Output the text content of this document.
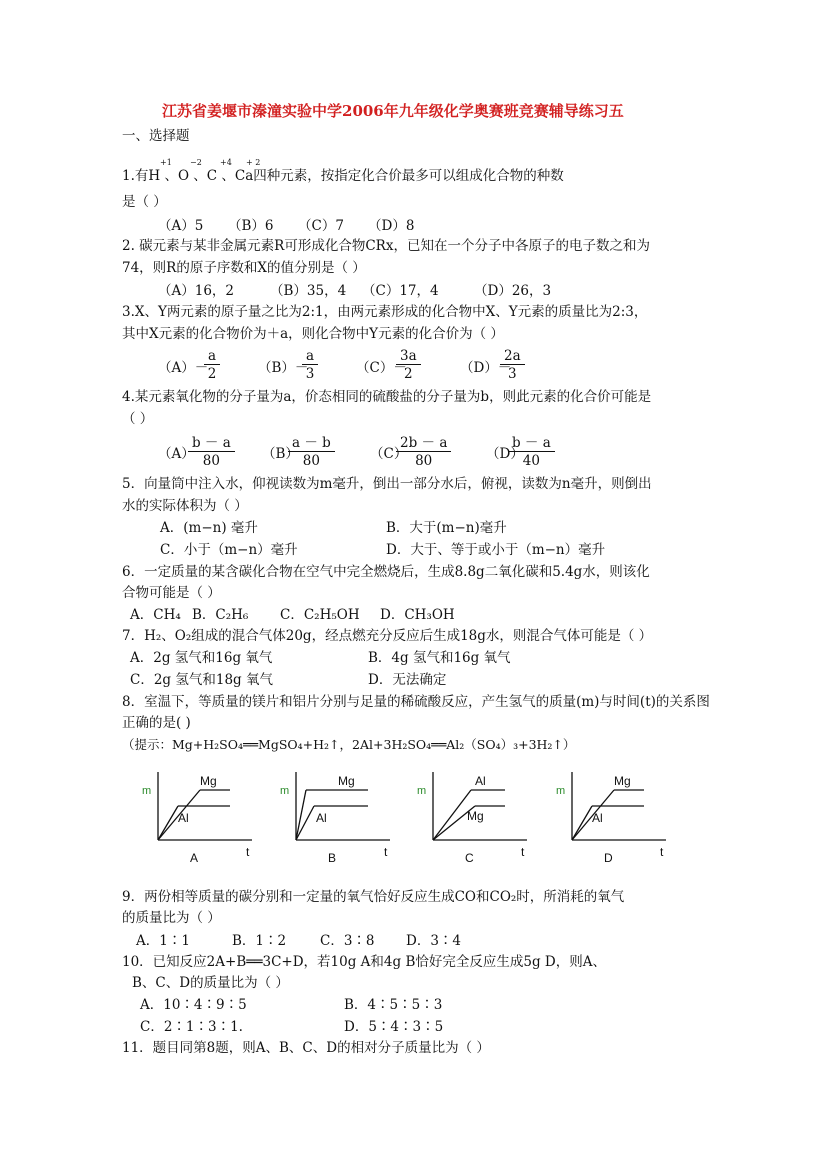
江苏省姜堰市溱潼实验中学2006年九年级化学奥赛班竞赛辅导练习五
一、选择题
+1 −2 +4 + 2
1.有H 、O 、C 、Ca四种元素，按指定化合价最多可以组成化合物的种数
是（ ）
（A）5 （B）6 （C）7 （D）8
2. 碳元素与某非金属元素R可形成化合物CRx，已知在一个分子中各原子的电子数之和为
74，则R的原子序数和X的值分别是（ ）
（A）16，2	（B）35，4 （C）17，4	（D）26，3
3.X、Y两元素的原子量之比为2:1，由两元素形成的化合物中X、Y元素的质量比为2:3，
其中X元素的化合物价为＋a，则化合物中Y元素的化合价为（ ）
（A）－
$\frac{a}{2}$	（B）－
$\frac{a}{3}$	（C）－
$\frac{3a}{2}$	（D）－
$\frac{2a}{3}$
4.某元素氧化物的分子量为a，价态相同的硫酸盐的分子量为b，则此元素的化合价可能是
（ ）
（A）
$\frac{b - a}{80} (B)$
$\frac{a - b}{80}$	（C）
$\frac{2b - a}{80}$	（D）
$\frac{b - a}{40}$
5．向量筒中注入水，仰视读数为m毫升，倒出一部分水后，俯视，读数为n毫升，则倒出
水的实际体积为（ ）
A．(m−n) 毫升	B．大于(m−n)毫升
C．小于（m−n）毫升	D．大于、等于或小于（m−n）毫升
6．一定质量的某含碳化合物在空气中完全燃烧后，生成8.8g二氧化碳和5.4g水，则该化
合物可能是（ ）
A．CH₄ B．C₂H₆ C．C₂H₅OH D．CH₃OH
7．H₂、O₂组成的混合气体20g，经点燃充分反应后生成18g水，则混合气体可能是（ ）
A．2g 氢气和16g 氧气	B．4g 氢气和16g 氧气
C．2g 氢气和18g 氧气	D．无法确定
8．室温下，等质量的镁片和铝片分别与足量的稀硫酸反应，产生氢气的质量(m)与时间(t)的关系图
正确的是( )
（提示：Mg+H₂SO₄══MgSO₄+H₂↑，2Al+3H₂SO₄══Al₂（SO₄）₃+3H₂↑）
m
t
A
Mg
Al
m
t
B
Mg
Al
m
t
C
Al
Mg
m
t
D
Mg
Al
9．两份相等质量的碳分别和一定量的氧气恰好反应生成CO和CO₂时，所消耗的氧气
的质量比为（ ）
A．1∶1	B．1∶2	C．3∶8 D．3∶4
10．已知反应2A+B══3C+D，若10g A和4g B恰好完全反应生成5g D，则A、
B、C、D的质量比为（ ）
A．10∶4∶9∶5	B．4∶5∶5∶3
C．2∶1∶3∶1.	D．5∶4∶3∶5
11．题目同第8题，则A、B、C、D的相对分子质量比为（ ）
